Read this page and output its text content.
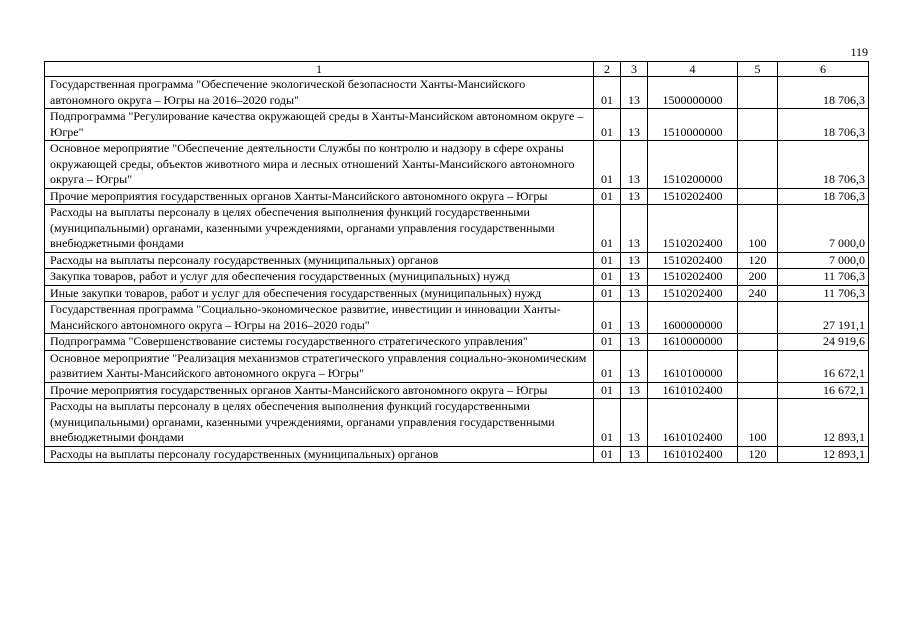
119
1	2	3	4	5	6
Государственная программа "Обеспечение экологической безопасности Ханты-Мансийского автономного округа – Югры на 2016–2020 годы"	01	13	1500000000		18 706,3
Подпрограмма "Регулирование качества окружающей среды в Ханты-Мансийском автономном округе – Югре"	01	13	1510000000		18 706,3
Основное мероприятие "Обеспечение деятельности Службы по контролю и надзору в сфере охраны окружающей среды, объектов животного мира и лесных отношений Ханты-Мансийского автономного округа – Югры"	01	13	1510200000		18 706,3
Прочие мероприятия государственных органов Ханты-Мансийского автономного округа – Югры	01	13	1510202400		18 706,3
Расходы на выплаты персоналу в целях обеспечения выполнения функций государственными (муниципальными) органами, казенными учреждениями, органами управления государственными внебюджетными фондами	01	13	1510202400	100	7 000,0
Расходы на выплаты персоналу государственных (муниципальных) органов	01	13	1510202400	120	7 000,0
Закупка товаров, работ и услуг для обеспечения государственных (муниципальных) нужд	01	13	1510202400	200	11 706,3
Иные закупки товаров, работ и услуг для обеспечения государственных (муниципальных) нужд	01	13	1510202400	240	11 706,3
Государственная программа "Социально-экономическое развитие, инвестиции и инновации Ханты-Мансийского автономного округа – Югры на 2016–2020 годы"	01	13	1600000000		27 191,1
Подпрограмма "Совершенствование системы государственного стратегического управления"	01	13	1610000000		24 919,6
Основное мероприятие "Реализация механизмов стратегического управления социально-экономическим развитием Ханты-Мансийского автономного округа – Югры"	01	13	1610100000		16 672,1
Прочие мероприятия государственных органов Ханты-Мансийского автономного округа – Югры	01	13	1610102400		16 672,1
Расходы на выплаты персоналу в целях обеспечения выполнения функций государственными (муниципальными) органами, казенными учреждениями, органами управления государственными внебюджетными фондами	01	13	1610102400	100	12 893,1
Расходы на выплаты персоналу государственных (муниципальных) органов	01	13	1610102400	120	12 893,1
